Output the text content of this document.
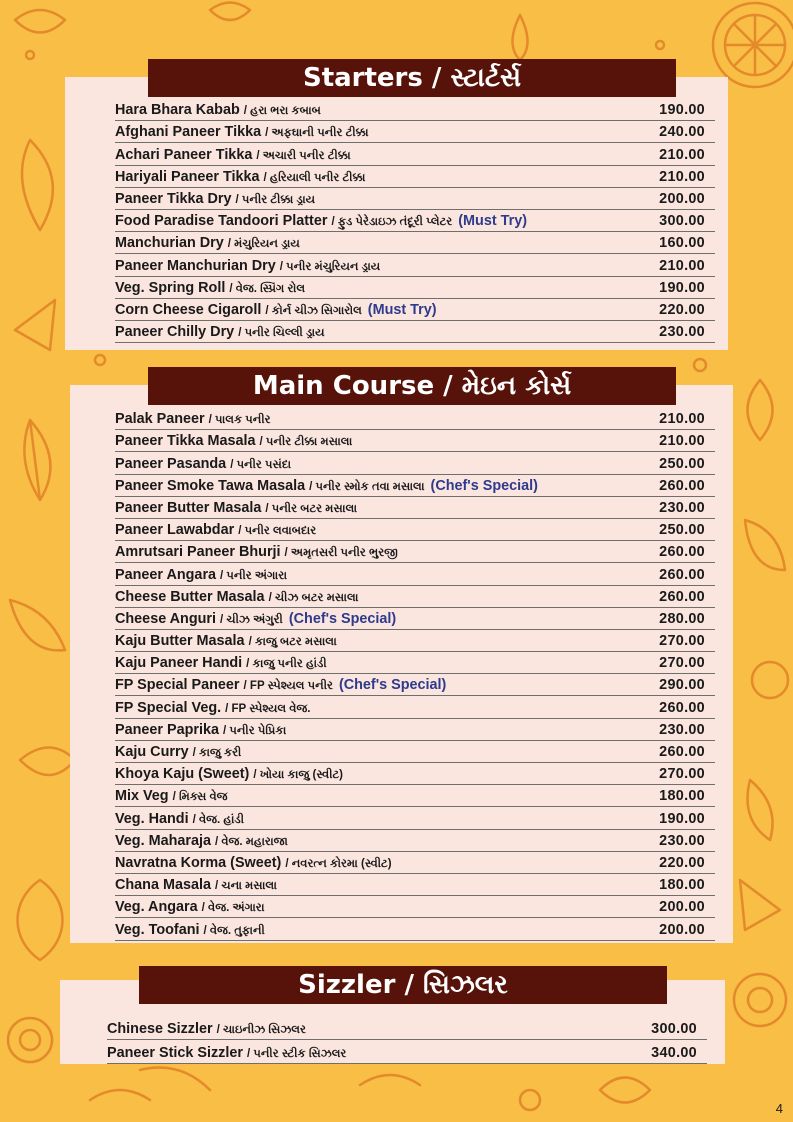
Starters / સ્ટાર્ટર્સ
Hara Bhara Kabab / હરા ભરા કબાબ	190.00
Afghani Paneer Tikka / અફઘાની પનીર ટીક્કા	240.00
Achari Paneer Tikka / અચારી પનીર ટીક્કા	210.00
Hariyali Paneer Tikka / હરિયાલી પનીર ટીક્કા	210.00
Paneer Tikka Dry / પનીર ટીક્કા ડ્રાય	200.00
Food Paradise Tandoori Platter / ફુડ પેરેડાઇઝ તંદૂરી પ્લેટર (Must Try)	300.00
Manchurian Dry / મંચુરિયન ડ્રાય	160.00
Paneer Manchurian Dry / પનીર મંચુરિયન ડ્રાય	210.00
Veg. Spring Roll / વેજ. સ્પ્રિંગ રોલ	190.00
Corn Cheese Cigaroll / કોર્ન ચીઝ સિગારોલ (Must Try)	220.00
Paneer Chilly Dry / પનીર ચિલ્લી ડ્રાય	230.00
Main Course / મેઇન કોર્સ
Palak Paneer / પાલક પનીર	210.00
Paneer Tikka Masala / પનીર ટીક્કા મસાલા	210.00
Paneer Pasanda / પનીર પસંદા	250.00
Paneer Smoke Tawa Masala / પનીર સ્મોક તવા મસાલા (Chef's Special)	260.00
Paneer Butter Masala / પનીર બટર મસાલા	230.00
Paneer Lawabdar / પનીર લવાબદાર	250.00
Amrutsari Paneer Bhurji / અમૃતસરી પનીર ભુરજી	260.00
Paneer Angara / પનીર અંગારા	260.00
Cheese Butter Masala / ચીઝ બટર મસાલા	260.00
Cheese Anguri / ચીઝ અંગુરી (Chef's Special)	280.00
Kaju Butter Masala / કાજુ બટર મસાલા	270.00
Kaju Paneer Handi / કાજુ પનીર હાંડી	270.00
FP Special Paneer / FP સ્પેશ્યલ પનીર (Chef's Special)	290.00
FP Special Veg. / FP સ્પેશ્યલ વેજ.	260.00
Paneer Paprika / પનીર પેપ્રિકા	230.00
Kaju Curry / કાજુ કરી	260.00
Khoya Kaju (Sweet) / ખોયા કાજુ (સ્વીટ)	270.00
Mix Veg / મિક્સ વેજ	180.00
Veg. Handi / વેજ. હાંડી	190.00
Veg. Maharaja / વેજ. મહારાજા	230.00
Navratna Korma (Sweet) / નવરત્ન કોરમા (સ્વીટ)	220.00
Chana Masala / ચના મસાલા	180.00
Veg. Angara / વેજ. અંગારા	200.00
Veg. Toofani / વેજ. તુફાની	200.00
Sizzler / સિઝલર
Chinese Sizzler / ચાઇનીઝ સિઝલર	300.00
Paneer Stick Sizzler / પનીર સ્ટીક સિઝલર	340.00
4
